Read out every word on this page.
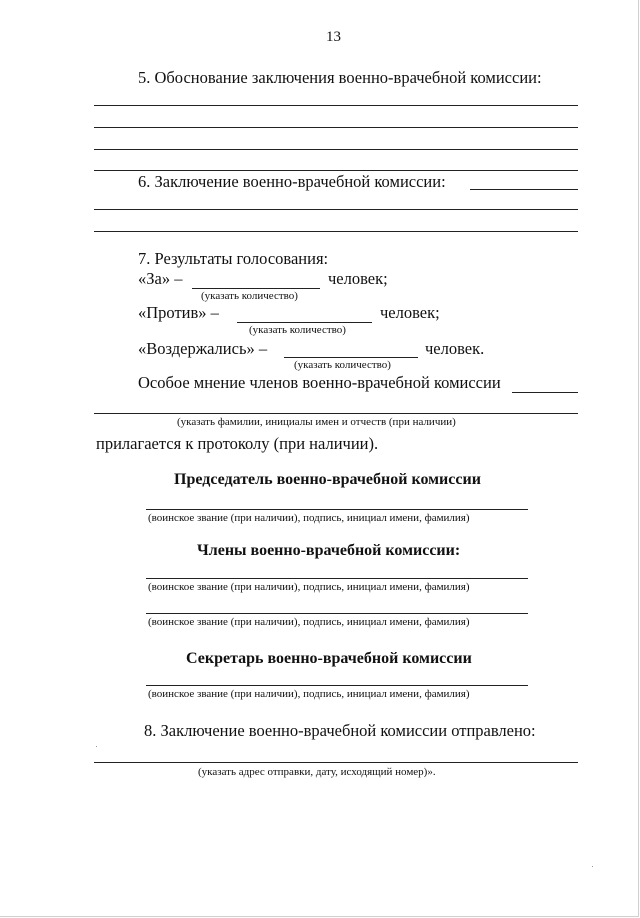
13
5. Обоснование заключения военно-врачебной комиссии:
6. Заключение военно-врачебной комиссии:
7. Результаты голосования:
«За» –	человек;
(указать количество)
«Против» –	человек;
(указать количество)
«Воздержались» –	человек.
(указать количество)
Особое мнение членов военно-врачебной комиссии
(указать фамилии, инициалы имен и отчеств (при наличии)
прилагается к протоколу (при наличии).
Председатель военно-врачебной комиссии
(воинское звание (при наличии), подпись, инициал имени, фамилия)
Члены военно-врачебной комиссии:
(воинское звание (при наличии), подпись, инициал имени, фамилия)
(воинское звание (при наличии), подпись, инициал имени, фамилия)
Секретарь военно-врачебной комиссии
(воинское звание (при наличии), подпись, инициал имени, фамилия)
8. Заключение военно-врачебной комиссии отправлено:
(указать адрес отправки, дату, исходящий номер)».
